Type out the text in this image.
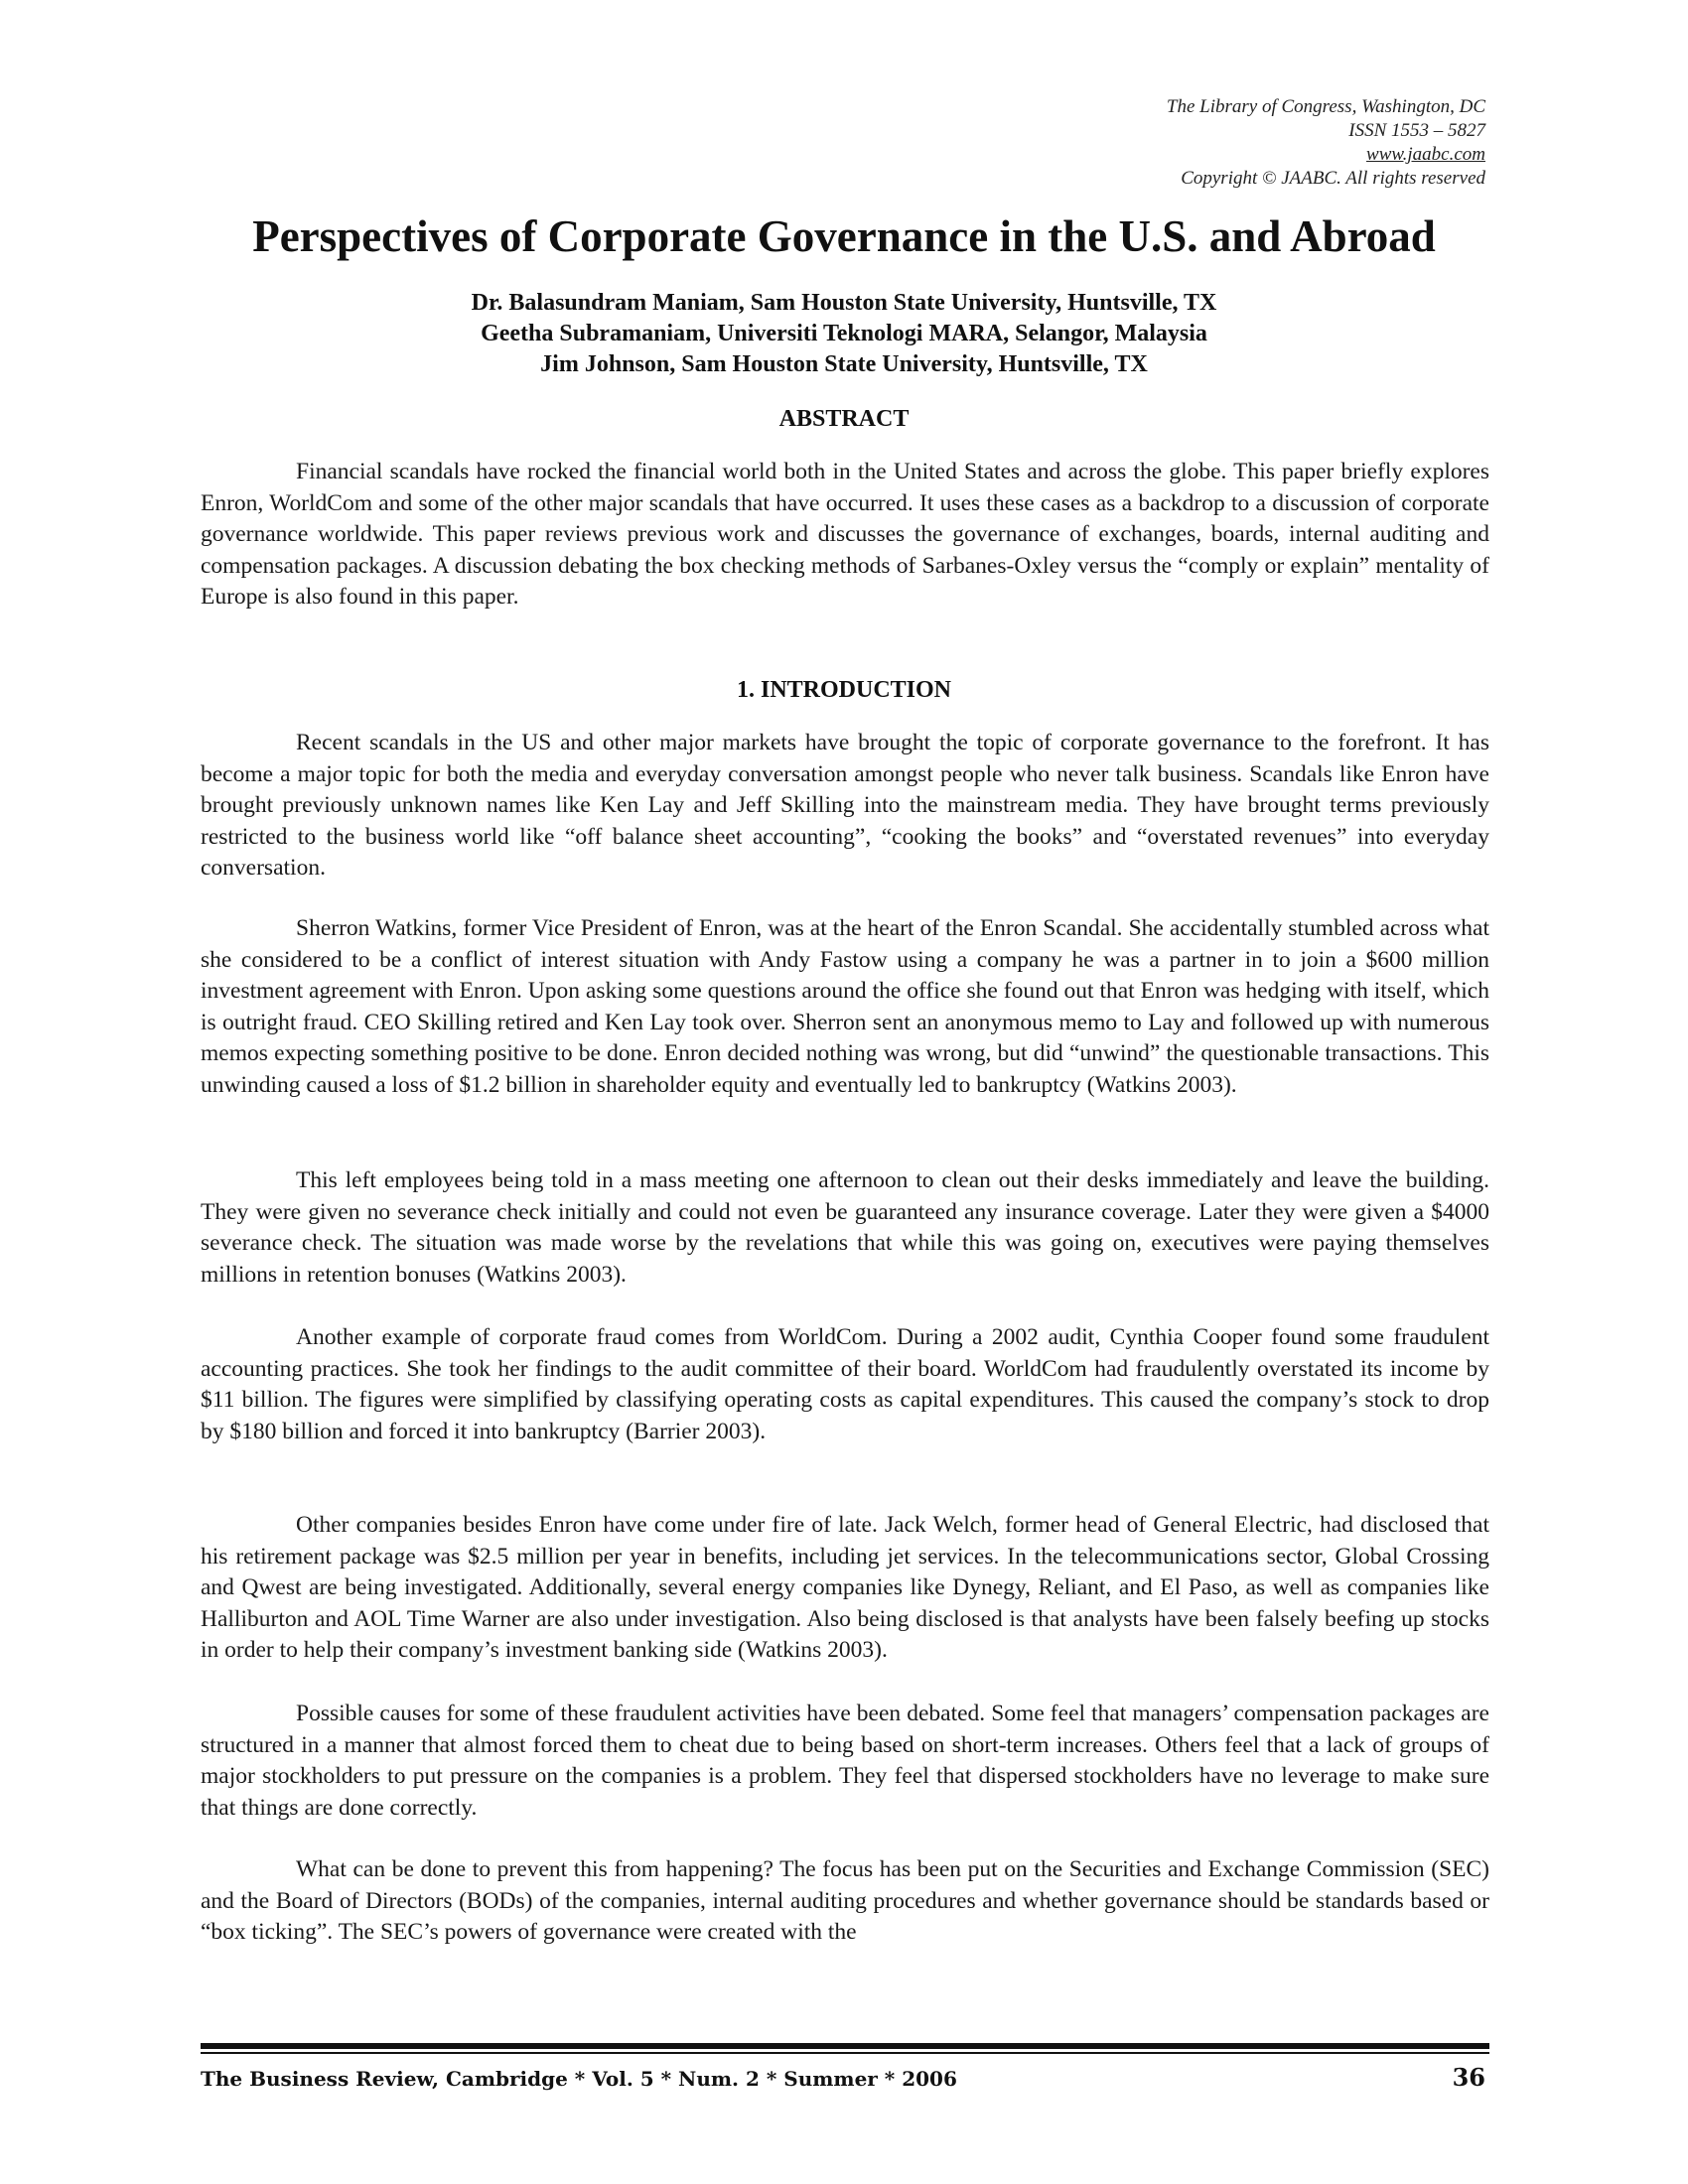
The Library of Congress, Washington, DC
ISSN 1553 – 5827
www.jaabc.com
Copyright © JAABC. All rights reserved
Perspectives of Corporate Governance in the U.S. and Abroad
Dr. Balasundram Maniam, Sam Houston State University, Huntsville, TX
Geetha Subramaniam, Universiti Teknologi MARA, Selangor, Malaysia
Jim Johnson, Sam Houston State University, Huntsville, TX
ABSTRACT

Financial scandals have rocked the financial world both in the United States and across the globe. This paper briefly explores Enron, WorldCom and some of the other major scandals that have occurred. It uses these cases as a backdrop to a discussion of corporate governance worldwide. This paper reviews previous work and discusses the governance of exchanges, boards, internal auditing and compensation packages. A discussion debating the box checking methods of Sarbanes-Oxley versus the “comply or explain” mentality of Europe is also found in this paper.

1. INTRODUCTION

Recent scandals in the US and other major markets have brought the topic of corporate governance to the forefront. It has become a major topic for both the media and everyday conversation amongst people who never talk business. Scandals like Enron have brought previously unknown names like Ken Lay and Jeff Skilling into the mainstream media. They have brought terms previously restricted to the business world like “off balance sheet accounting”, “cooking the books” and “overstated revenues” into everyday conversation.

Sherron Watkins, former Vice President of Enron, was at the heart of the Enron Scandal. She accidentally stumbled across what she considered to be a conflict of interest situation with Andy Fastow using a company he was a partner in to join a $600 million investment agreement with Enron. Upon asking some questions around the office she found out that Enron was hedging with itself, which is outright fraud. CEO Skilling retired and Ken Lay took over. Sherron sent an anonymous memo to Lay and followed up with numerous memos expecting something positive to be done. Enron decided nothing was wrong, but did “unwind” the questionable transactions. This unwinding caused a loss of $1.2 billion in shareholder equity and eventually led to bankruptcy (Watkins 2003).

This left employees being told in a mass meeting one afternoon to clean out their desks immediately and leave the building. They were given no severance check initially and could not even be guaranteed any insurance coverage. Later they were given a $4000 severance check. The situation was made worse by the revelations that while this was going on, executives were paying themselves millions in retention bonuses (Watkins 2003).

Another example of corporate fraud comes from WorldCom. During a 2002 audit, Cynthia Cooper found some fraudulent accounting practices. She took her findings to the audit committee of their board. WorldCom had fraudulently overstated its income by $11 billion. The figures were simplified by classifying operating costs as capital expenditures. This caused the company’s stock to drop by $180 billion and forced it into bankruptcy (Barrier 2003).

Other companies besides Enron have come under fire of late. Jack Welch, former head of General Electric, had disclosed that his retirement package was $2.5 million per year in benefits, including jet services. In the telecommunications sector, Global Crossing and Qwest are being investigated. Additionally, several energy companies like Dynegy, Reliant, and El Paso, as well as companies like Halliburton and AOL Time Warner are also under investigation. Also being disclosed is that analysts have been falsely beefing up stocks in order to help their company’s investment banking side (Watkins 2003).

Possible causes for some of these fraudulent activities have been debated. Some feel that managers’ compensation packages are structured in a manner that almost forced them to cheat due to being based on short-term increases. Others feel that a lack of groups of major stockholders to put pressure on the companies is a problem. They feel that dispersed stockholders have no leverage to make sure that things are done correctly.

What can be done to prevent this from happening? The focus has been put on the Securities and Exchange Commission (SEC) and the Board of Directors (BODs) of the companies, internal auditing procedures and whether governance should be standards based or “box ticking”. The SEC’s powers of governance were created with the

The Business Review, Cambridge * Vol. 5 * Num. 2 * Summer * 2006	36
